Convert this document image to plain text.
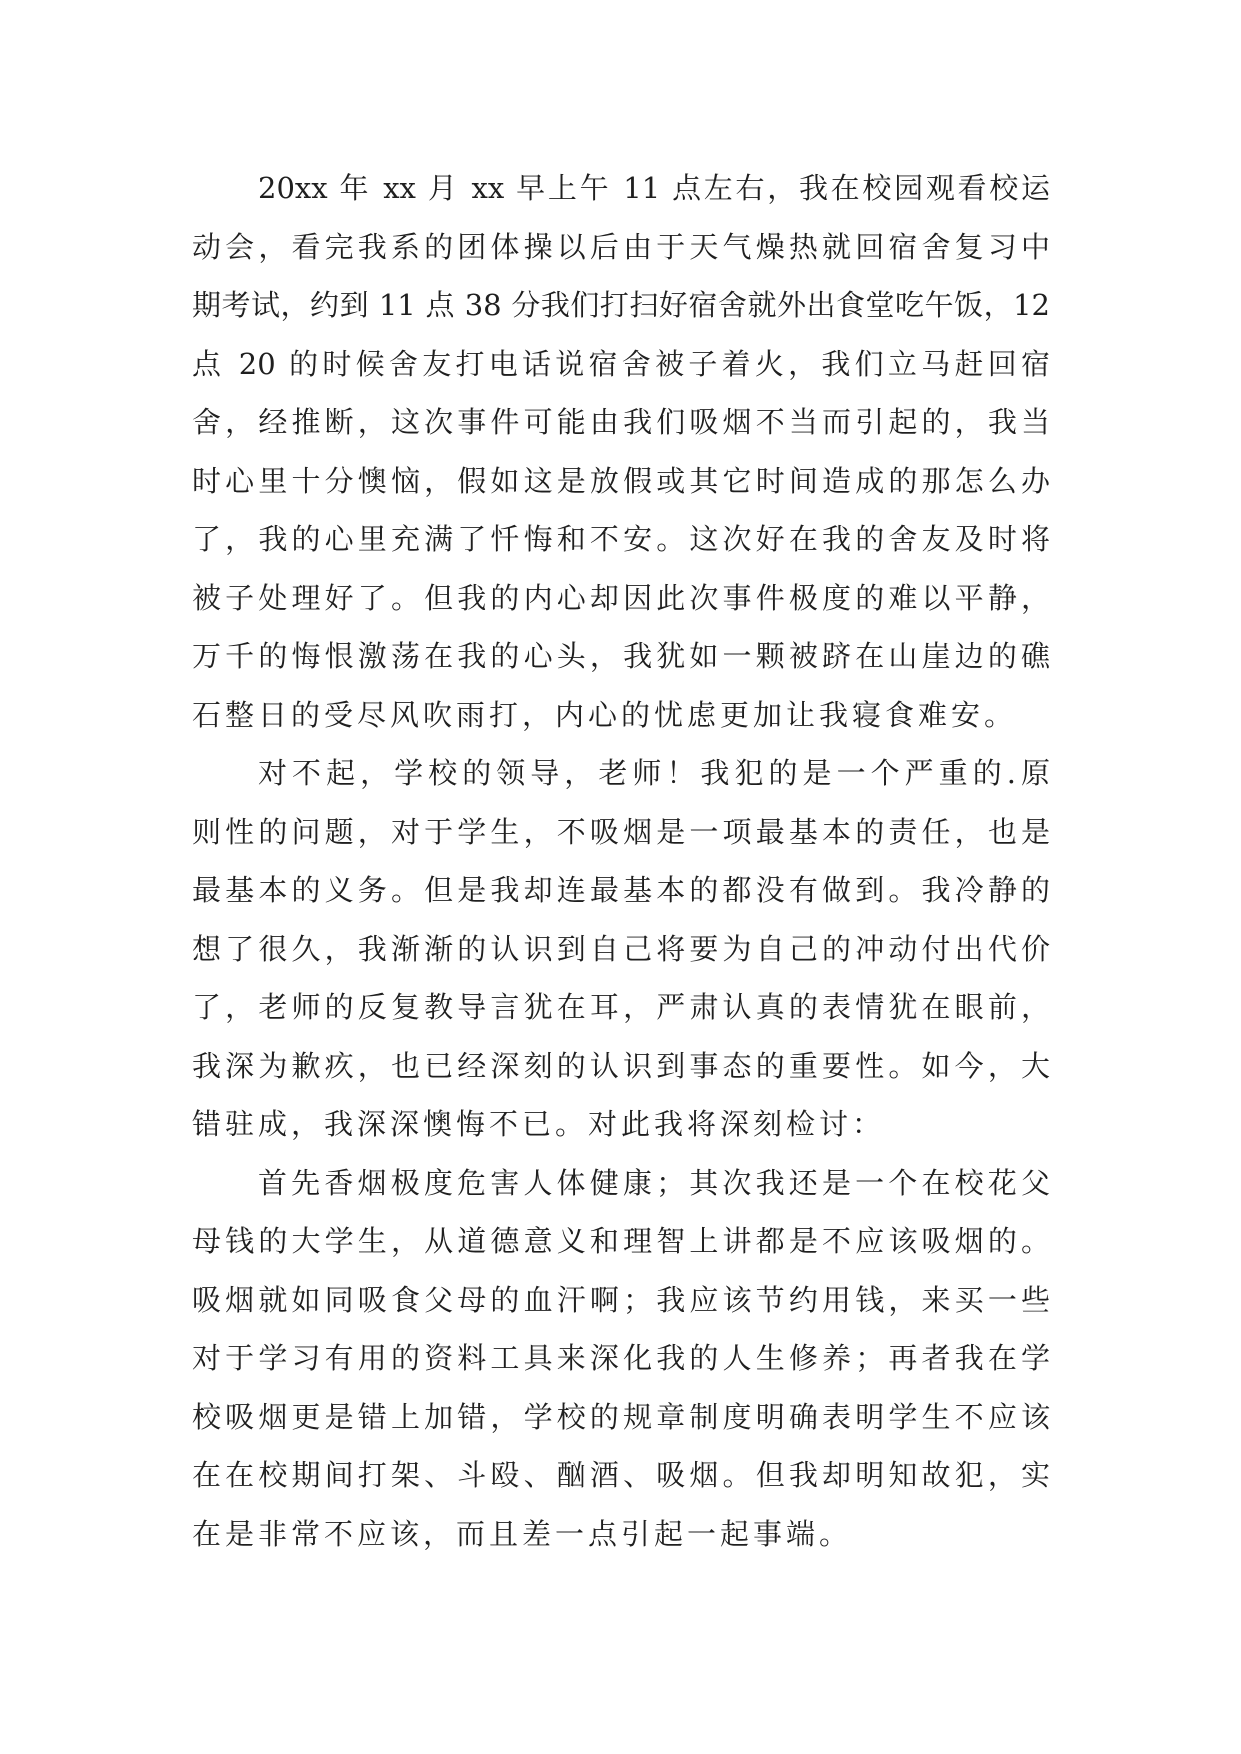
20xx 年 xx 月 xx 早上午 11 点左右，我在校园观看校运
动会，看完我系的团体操以后由于天气燥热就回宿舍复习中
期考试，约到 11 点 38 分我们打扫好宿舍就外出食堂吃午饭，12
点 20 的时候舍友打电话说宿舍被子着火，我们立马赶回宿
舍，经推断，这次事件可能由我们吸烟不当而引起的，我当
时心里十分懊恼，假如这是放假或其它时间造成的那怎么办
了，我的心里充满了忏悔和不安。这次好在我的舍友及时将
被子处理好了。但我的内心却因此次事件极度的难以平静，
万千的悔恨激荡在我的心头，我犹如一颗被跻在山崖边的礁
石整日的受尽风吹雨打，内心的忧虑更加让我寝食难安。
对不起，学校的领导，老师！我犯的是一个严重的.原
则性的问题，对于学生，不吸烟是一项最基本的责任，也是
最基本的义务。但是我却连最基本的都没有做到。我冷静的
想了很久，我渐渐的认识到自己将要为自己的冲动付出代价
了，老师的反复教导言犹在耳，严肃认真的表情犹在眼前，
我深为歉疚，也已经深刻的认识到事态的重要性。如今，大
错驻成，我深深懊悔不已。对此我将深刻检讨：
首先香烟极度危害人体健康；其次我还是一个在校花父
母钱的大学生，从道德意义和理智上讲都是不应该吸烟的。
吸烟就如同吸食父母的血汗啊；我应该节约用钱，来买一些
对于学习有用的资料工具来深化我的人生修养；再者我在学
校吸烟更是错上加错，学校的规章制度明确表明学生不应该
在在校期间打架、斗殴、酗酒、吸烟。但我却明知故犯，实
在是非常不应该，而且差一点引起一起事端。
